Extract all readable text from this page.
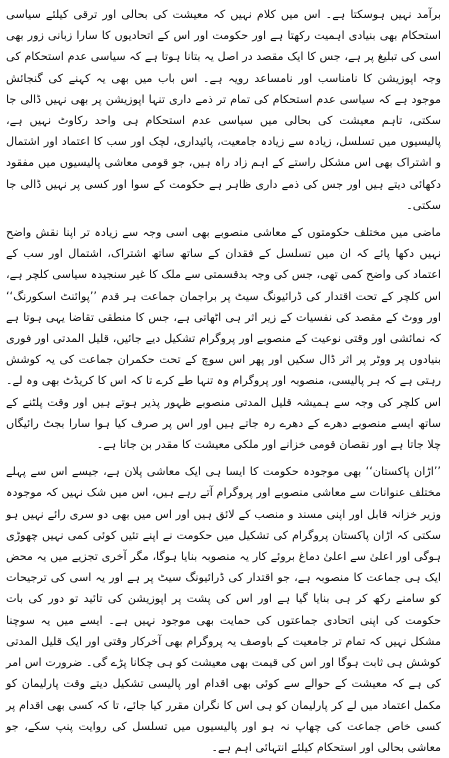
برآمد نہیں ہوسکتا ہے۔ اس میں کلام نہیں کہ معیشت کی بحالی اور ترقی کیلئے سیاسی استحکام بھی بنیادی اہمیت رکھتا ہے اور حکومت اور اس کے اتحادیوں کا سارا زبانی زور بھی اسی کی تبلیغ پر ہے، جس کا ایک مقصد در اصل یہ بتانا ہوتا ہے کہ سیاسی عدم استحکام کی وجہ اپوزیشن کا نامناسب اور نامساعد رویہ ہے۔ اس باب میں بھی یہ کہنے کی گنجائش موجود ہے کہ سیاسی عدم استحکام کی تمام تر ذمے داری تنہا اپوزیشن پر بھی نہیں ڈالی جا سکتی، تاہم معیشت کی بحالی میں سیاسی عدم استحکام ہی واحد رکاوٹ نہیں ہے، پالیسیوں میں تسلسل، زیادہ سے زیادہ جامعیت، پائیداری، لچک اور سب کا اعتماد اور اشتمال و اشتراک بھی اس مشکل راستے کے اہم زاد راہ ہیں، جو قومی معاشی پالیسیوں میں مفقود دکھائی دیتے ہیں اور جس کی ذمے داری ظاہر ہے حکومت کے سوا اور کسی پر نہیں ڈالی جا سکتی۔

ماضی میں مختلف حکومتوں کے معاشی منصوبے بھی اسی وجہ سے زیادہ تر اپنا نقش واضح نہیں دکھا پائے کہ ان میں تسلسل کے فقدان کے ساتھ ساتھ اشتراک، اشتمال اور سب کے اعتماد کی واضح کمی تھی، جس کی وجہ بدقسمتی سے ملک کا غیر سنجیدہ سیاسی کلچر ہے، اس کلچر کے تحت اقتدار کی ڈرائیونگ سیٹ پر براجمان جماعت ہر قدم ’’پوائنٹ اسکورنگ‘‘ اور ووٹ کے مقصد کی نفسیات کے زیر اثر ہی اٹھاتی ہے، جس کا منطقی تقاضا یہی ہوتا ہے کہ نمائشی اور وقتی نوعیت کے منصوبے اور پروگرام تشکیل دیے جائیں، قلیل المدتی اور فوری بنیادوں پر ووٹر پر اثر ڈال سکیں اور پھر اس سوچ کے تحت حکمران جماعت کی یہ کوشش رہتی ہے کہ ہر پالیسی، منصوبہ اور پروگرام وہ تنہا طے کرے تا کہ اس کا کریڈٹ بھی وہ لے۔ اس کلچر کی وجہ سے ہمیشہ قلیل المدتی منصوبے ظہور پذیر ہوتے ہیں اور وقت پلٹنے کے ساتھ ایسے منصوبے دھرے کے دھرے رہ جاتے ہیں اور اس پر صرف کیا ہوا سارا بجٹ رائیگاں چلا جاتا ہے اور نقصان قومی خزانے اور ملکی معیشت کا مقدر بن جاتا ہے۔

’’اڑان پاکستان‘‘ بھی موجودہ حکومت کا ایسا ہی ایک معاشی پلان ہے، جیسے اس سے پہلے مختلف عنوانات سے معاشی منصوبے اور پروگرام آتے رہے ہیں، اس میں شک نہیں کہ موجودہ وزیر خزانہ قابل اور اپنی مسند و منصب کے لائق ہیں اور اس میں بھی دو سری رائے نہیں ہو سکتی کہ اڑان پاکستان پروگرام کی تشکیل میں حکومت نے اپنے تئیں کوئی کمی نہیں چھوڑی ہوگی اور اعلیٰ سے اعلیٰ دماغ بروئے کار یہ منصوبہ بنایا ہوگا، مگر آخری تجزیے میں یہ محض ایک ہی جماعت کا منصوبہ ہے، جو اقتدار کی ڈرائیونگ سیٹ پر ہے اور یہ اسی کی ترجیحات کو سامنے رکھ کر ہی بنایا گیا ہے اور اس کی پشت پر اپوزیشن کی تائید تو دور کی بات حکومت کی اپنی اتحادی جماعتوں کی حمایت بھی موجود نہیں ہے۔ ایسے میں یہ سوچنا مشکل نہیں کہ تمام تر جامعیت کے باوصف یہ پروگرام بھی آخرکار وقتی اور ایک قلیل المدتی کوشش ہی ثابت ہوگا اور اس کی قیمت بھی معیشت کو ہی چکانا پڑے گی۔ ضرورت اس امر کی ہے کہ معیشت کے حوالے سے کوئی بھی اقدام اور پالیسی تشکیل دیتے وقت پارلیمان کو مکمل اعتماد میں لے کر پارلیمان کو ہی اس کا نگران مقرر کیا جائے، تا کہ کسی بھی اقدام پر کسی خاص جماعت کی چھاپ نہ ہو اور پالیسیوں میں تسلسل کی روایت پنپ سکے، جو معاشی بحالی اور استحکام کیلئے انتہائی اہم ہے۔
